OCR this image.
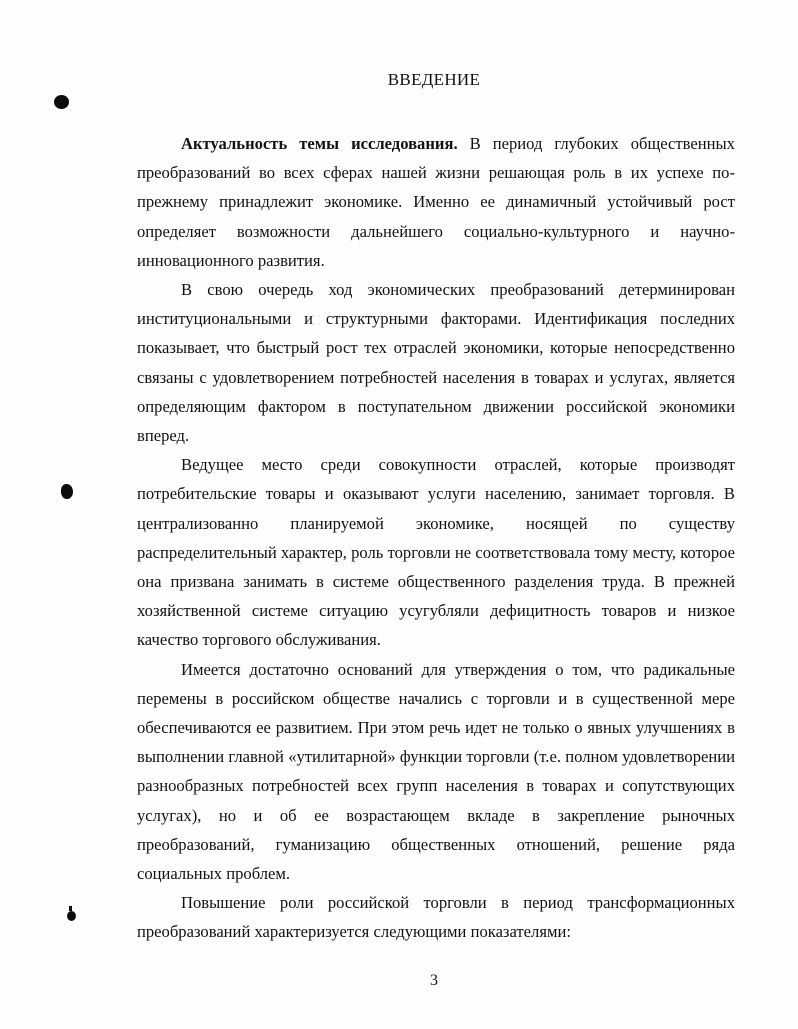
ВВЕДЕНИЕ

Актуальность темы исследования. В период глубоких общественных преобразований во всех сферах нашей жизни решающая роль в их успехе по-прежнему принадлежит экономике. Именно ее динамичный устойчивый рост определяет возможности дальнейшего социально-культурного и научно-инновационного развития.

В свою очередь ход экономических преобразований детерминирован институциональными и структурными факторами. Идентификация последних показывает, что быстрый рост тех отраслей экономики, которые непосредственно связаны с удовлетворением потребностей населения в товарах и услугах, является определяющим фактором в поступательном движении российской экономики вперед.

Ведущее место среди совокупности отраслей, которые производят потребительские товары и оказывают услуги населению, занимает торговля. В централизованно планируемой экономике, носящей по существу распределительный характер, роль торговли не соответствовала тому месту, которое она призвана занимать в системе общественного разделения труда. В прежней хозяйственной системе ситуацию усугубляли дефицитность товаров и низкое качество торгового обслуживания.

Имеется достаточно оснований для утверждения о том, что радикальные перемены в российском обществе начались с торговли и в существенной мере обеспечиваются ее развитием. При этом речь идет не только о явных улучшениях в выполнении главной «утилитарной» функции торговли (т.е. полном удовлетворении разнообразных потребностей всех групп населения в товарах и сопутствующих услугах), но и об ее возрастающем вкладе в закрепление рыночных преобразований, гуманизацию общественных отношений, решение ряда социальных проблем.

Повышение роли российской торговли в период трансформационных преобразований характеризуется следующими показателями:

3
